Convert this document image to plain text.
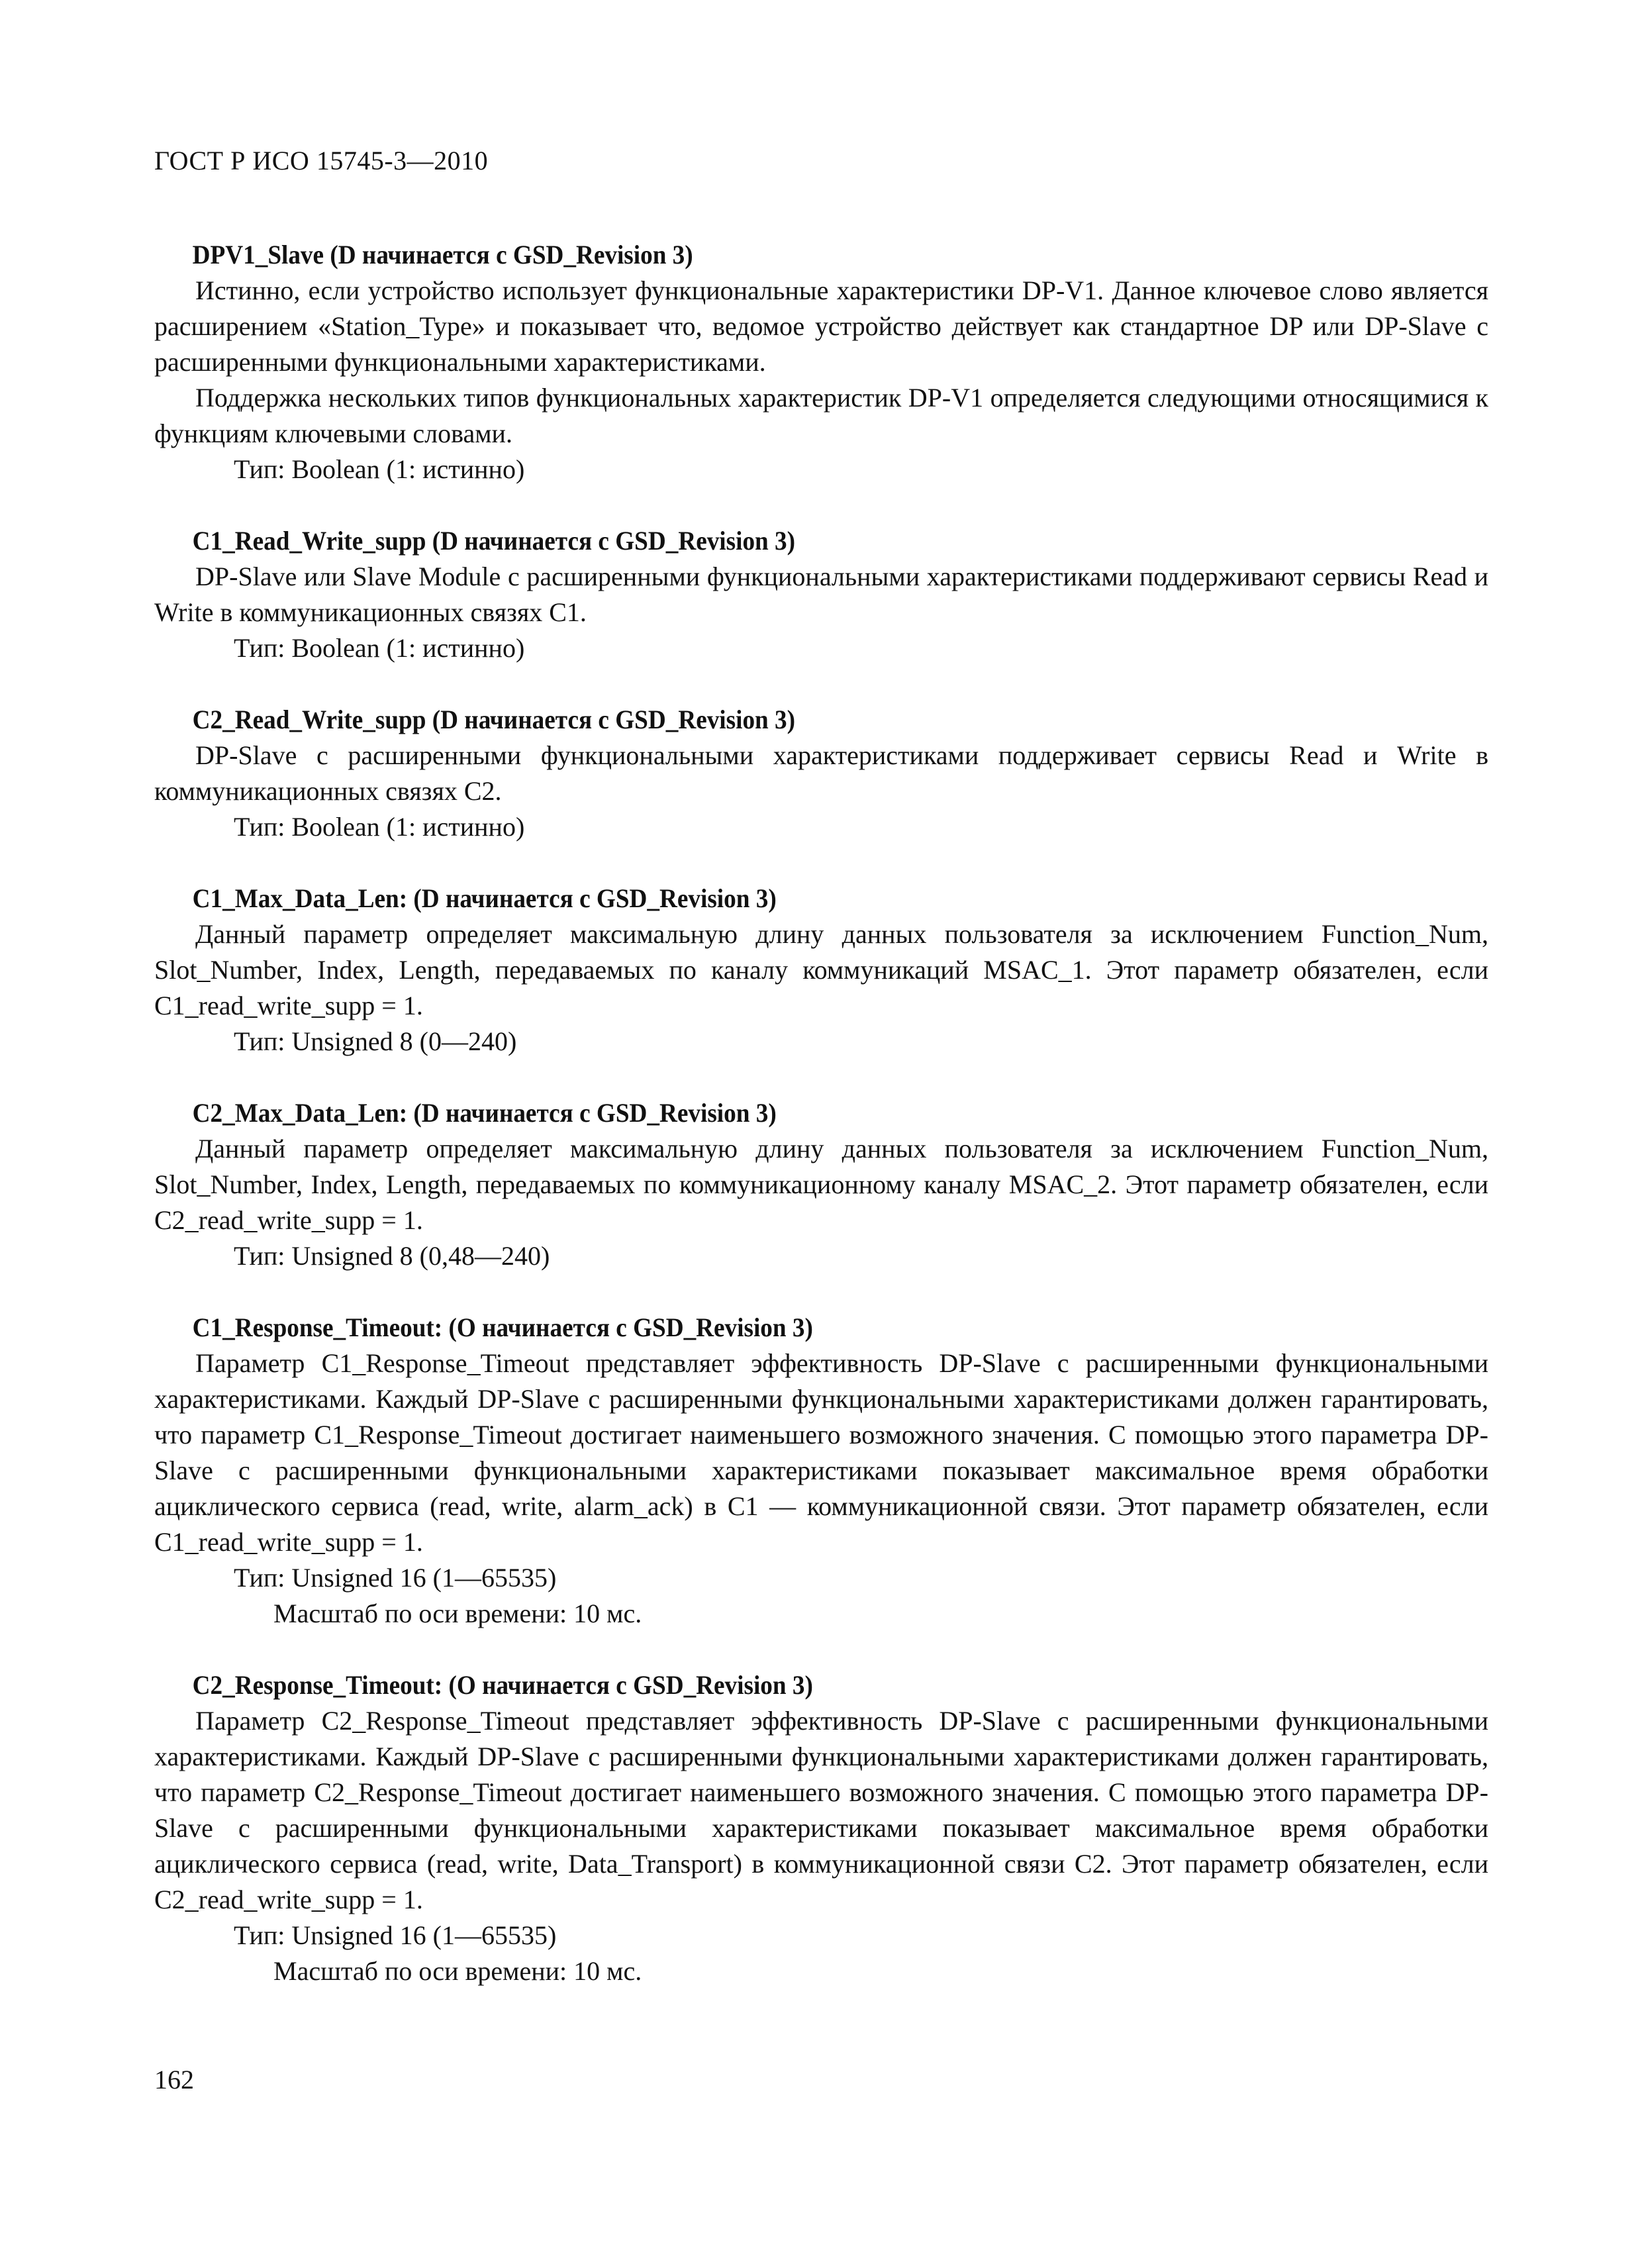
ГОСТ Р ИСО 15745-3—2010
DPV1_Slave (D начинается с GSD_Revision 3)

Истинно, если устройство использует функциональные характеристики DP-V1. Данное ключевое слово является расширением «Station_Type» и показывает что, ведомое устройство действует как стандартное DP или DP-Slave с расширенными функциональными характеристиками.

Поддержка нескольких типов функциональных характеристик DP-V1 определяется следующими относящимися к функциям ключевыми словами.

Тип: Boolean (1: истинно)
C1_Read_Write_supp (D начинается с GSD_Revision 3)

DP-Slave или Slave Module с расширенными функциональными характеристиками поддерживают сервисы Read и Write в коммуникационных связях C1.

Тип: Boolean (1: истинно)
C2_Read_Write_supp (D начинается с GSD_Revision 3)

DP-Slave с расширенными функциональными характеристиками поддерживает сервисы Read и Write в коммуникационных связях C2.

Тип: Boolean (1: истинно)
C1_Max_Data_Len: (D начинается с GSD_Revision 3)

Данный параметр определяет максимальную длину данных пользователя за исключением Function_Num, Slot_Number, Index, Length, передаваемых по каналу коммуникаций MSAC_1. Этот параметр обязателен, если C1_read_write_supp = 1.

Тип: Unsigned 8 (0—240)
C2_Max_Data_Len: (D начинается с GSD_Revision 3)

Данный параметр определяет максимальную длину данных пользователя за исключением Function_Num, Slot_Number, Index, Length, передаваемых по коммуникационному каналу MSAC_2. Этот параметр обязателен, если C2_read_write_supp = 1.

Тип: Unsigned 8 (0,48—240)
C1_Response_Timeout: (O начинается с GSD_Revision 3)

Параметр C1_Response_Timeout представляет эффективность DP-Slave с расширенными функциональными характеристиками. Каждый DP-Slave с расширенными функциональными характеристиками должен гарантировать, что параметр C1_Response_Timeout достигает наименьшего возможного значения. С помощью этого параметра DP-Slave с расширенными функциональными характеристиками показывает максимальное время обработки ациклического сервиса (read, write, alarm_ack) в C1 — коммуникационной связи. Этот параметр обязателен, если C1_read_write_supp = 1.

Тип: Unsigned 16 (1—65535)
Масштаб по оси времени: 10 мс.
C2_Response_Timeout: (O начинается с GSD_Revision 3)

Параметр C2_Response_Timeout представляет эффективность DP-Slave с расширенными функциональными характеристиками. Каждый DP-Slave с расширенными функциональными характеристиками должен гарантировать, что параметр C2_Response_Timeout достигает наименьшего возможного значения. С помощью этого параметра DP-Slave с расширенными функциональными характеристиками показывает максимальное время обработки ациклического сервиса (read, write, Data_Transport) в коммуникационной связи C2. Этот параметр обязателен, если C2_read_write_supp = 1.

Тип: Unsigned 16 (1—65535)
Масштаб по оси времени: 10 мс.
162
